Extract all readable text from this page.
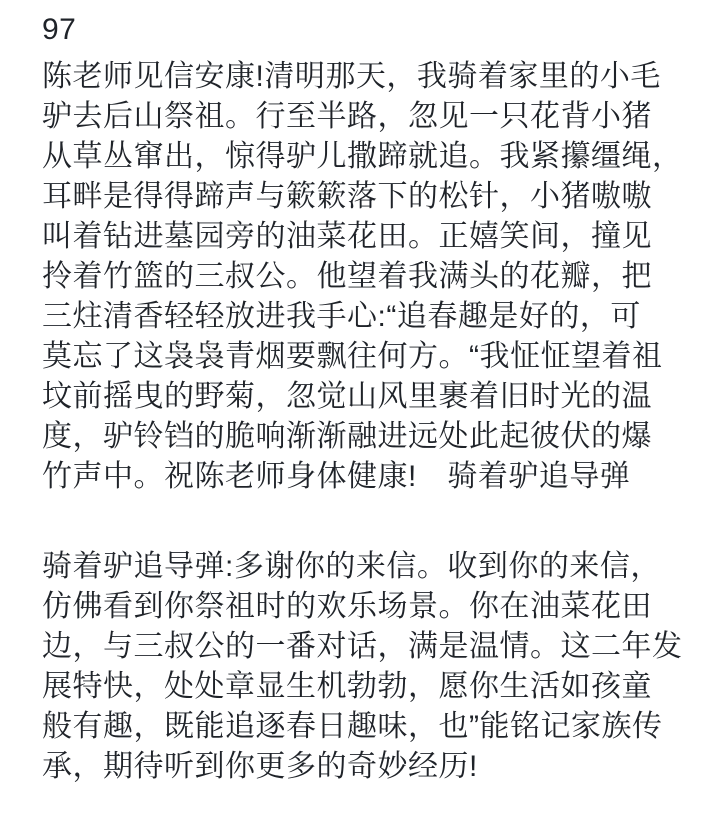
97
陈老师见信安康!清明那天，我骑着家里的小毛
驴去后山祭祖。行至半路，忽见一只花背小猪
从草丛窜出，惊得驴儿撒蹄就追。我紧攥缰绳，
耳畔是得得蹄声与簌簌落下的松针，小猪嗷嗷
叫着钻进墓园旁的油菜花田。正嬉笑间，撞见
拎着竹篮的三叔公。他望着我满头的花瓣，把
三炷清香轻轻放进我手心:“追春趣是好的，可
莫忘了这袅袅青烟要飘往何方。“我怔怔望着祖
坟前摇曳的野菊，忽觉山风里裹着旧时光的温
度，驴铃铛的脆响渐渐融进远处此起彼伏的爆
竹声中。祝陈老师身体健康!　骑着驴追导弹
骑着驴追导弹:多谢你的来信。收到你的来信，
仿佛看到你祭祖时的欢乐场景。你在油菜花田
边，与三叔公的一番对话，满是温情。这二年发
展特快，处处章显生机勃勃，愿你生活如孩童
般有趣，既能追逐春日趣味，也”能铭记家族传
承，期待听到你更多的奇妙经历!
